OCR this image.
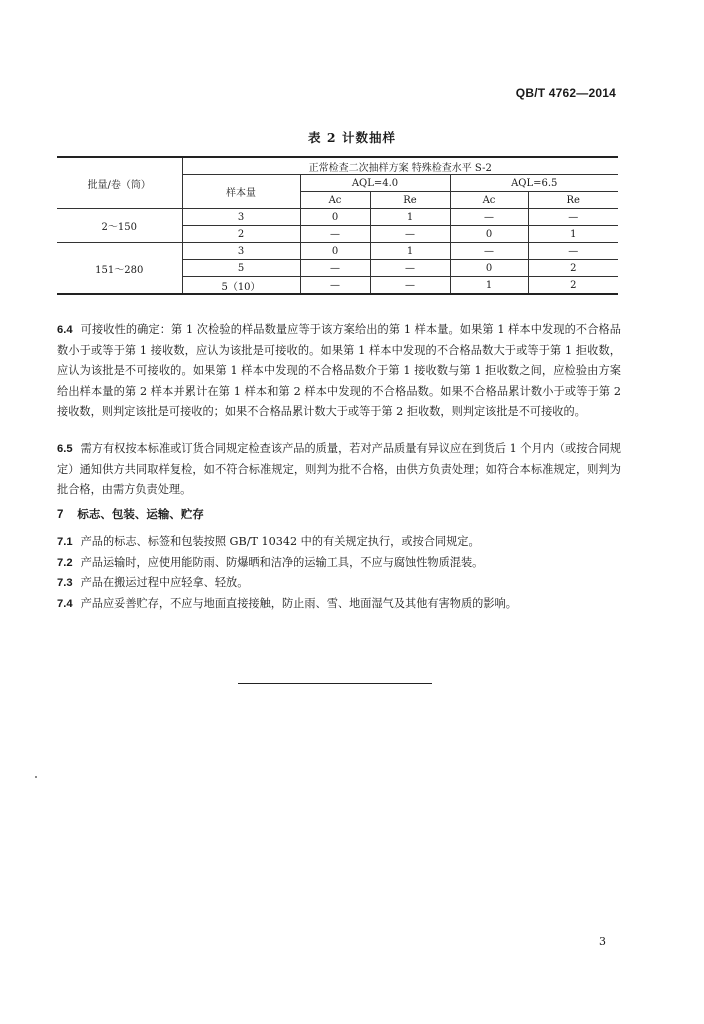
QB/T 4762—2014
表 2 计数抽样
批量/卷（筒）	正常检查二次抽样方案 特殊检查水平 S-2				
	样本量	AQL=4.0		AQL=6.5	
		Ac	Re	Ac	Re
2～150	3	0	1	—	—
	2	—	—	0	1
151～280	3	0	1	—	—
	5	—	—	0	2
	5（10）	—	—	1	2

6.4 可接收性的确定：第 1 次检验的样品数量应等于该方案给出的第 1 样本量。如果第 1 样本中发现的不合格品数小于或等于第 1 接收数，应认为该批是可接收的。如果第 1 样本中发现的不合格品数大于或等于第 1 拒收数，应认为该批是不可接收的。如果第 1 样本中发现的不合格品数介于第 1 接收数与第 1 拒收数之间，应检验由方案给出样本量的第 2 样本并累计在第 1 样本和第 2 样本中发现的不合格品数。如果不合格品累计数小于或等于第 2 接收数，则判定该批是可接收的；如果不合格品累计数大于或等于第 2 拒收数，则判定该批是不可接收的。

6.5 需方有权按本标准或订货合同规定检查该产品的质量，若对产品质量有异议应在到货后 1 个月内（或按合同规定）通知供方共同取样复检，如不符合标准规定，则判为批不合格，由供方负责处理；如符合本标准规定，则判为批合格，由需方负责处理。

7 标志、包装、运输、贮存
7.1 产品的标志、标签和包装按照 GB/T 10342 中的有关规定执行，或按合同规定。
7.2 产品运输时，应使用能防雨、防爆晒和洁净的运输工具，不应与腐蚀性物质混装。
7.3 产品在搬运过程中应轻拿、轻放。
7.4 产品应妥善贮存，不应与地面直接接触，防止雨、雪、地面湿气及其他有害物质的影响。
3
